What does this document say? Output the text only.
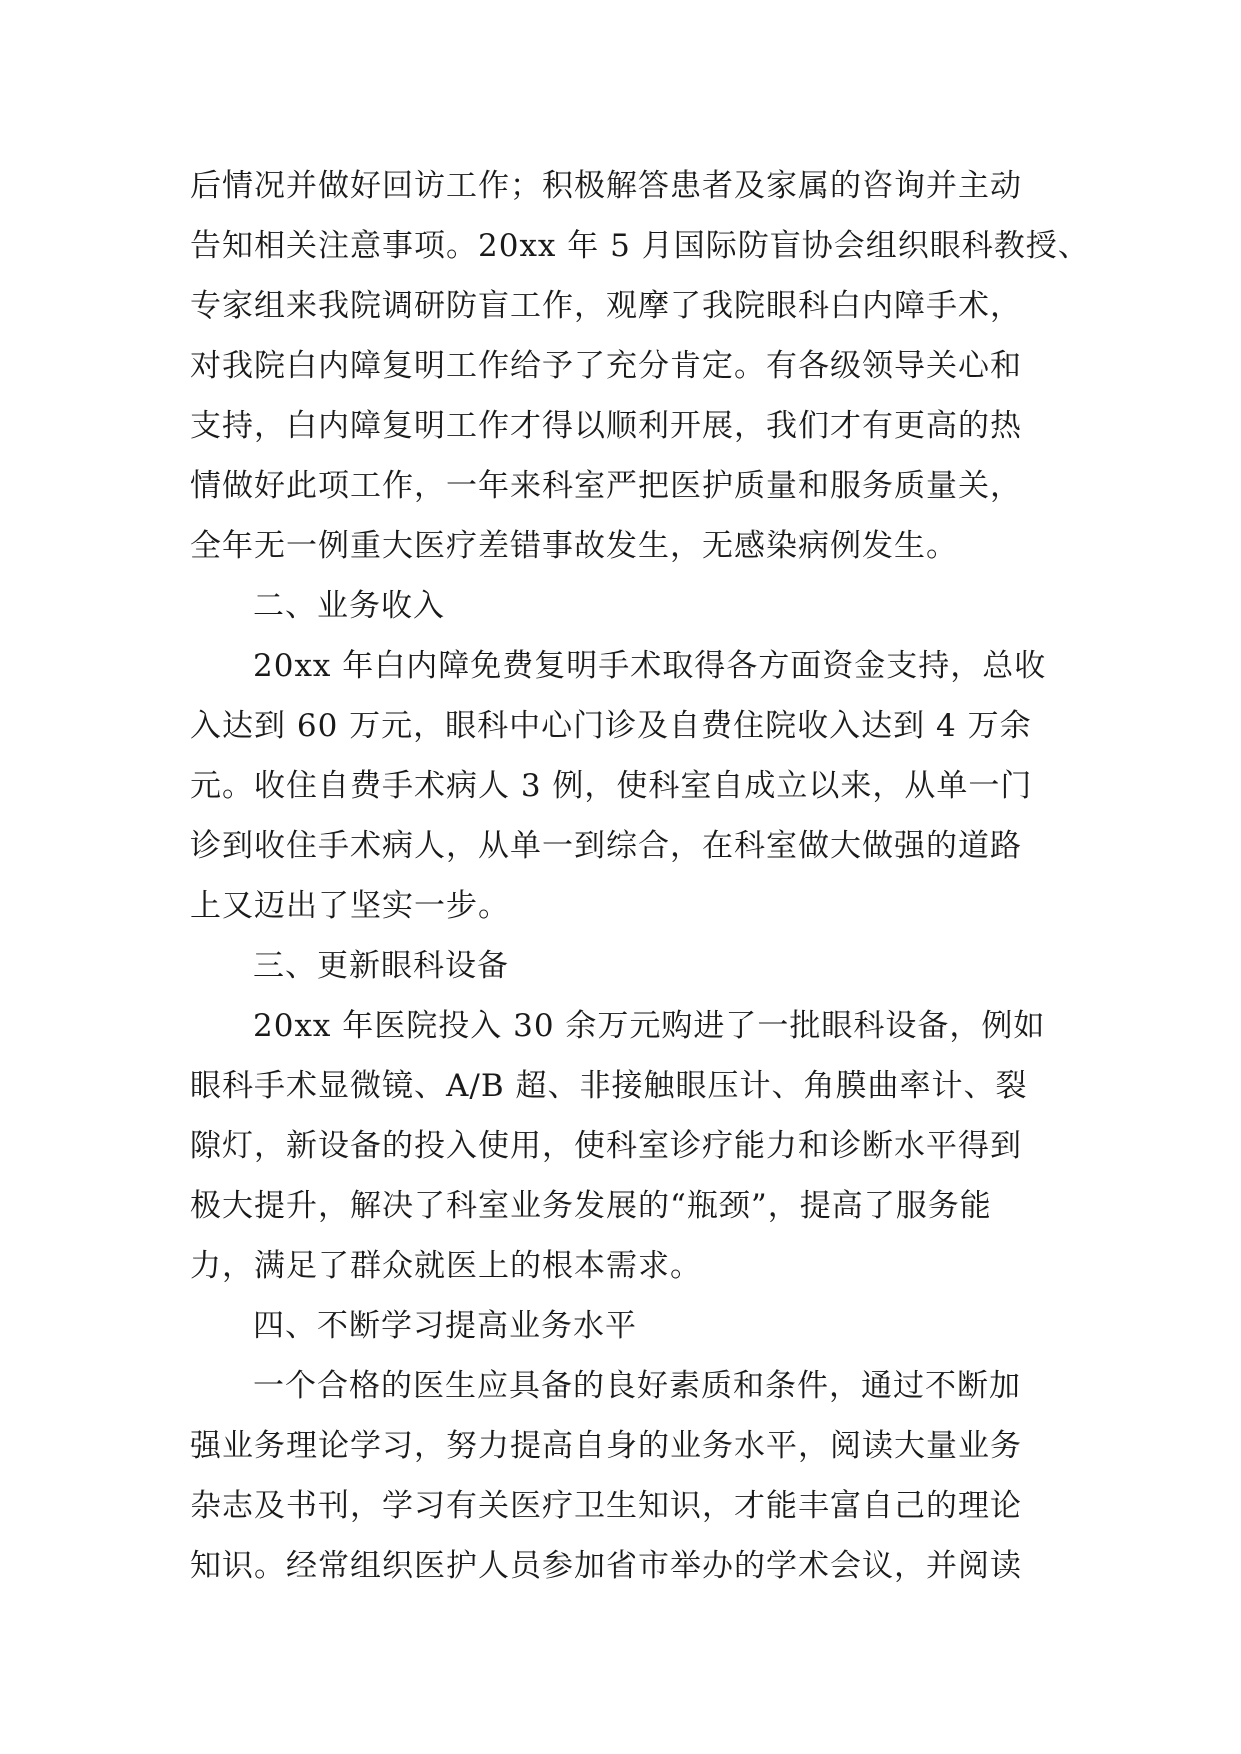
后情况并做好回访工作；积极解答患者及家属的咨询并主动
告知相关注意事项。20xx 年 5 月国际防盲协会组织眼科教授、
专家组来我院调研防盲工作，观摩了我院眼科白内障手术，
对我院白内障复明工作给予了充分肯定。有各级领导关心和
支持，白内障复明工作才得以顺利开展，我们才有更高的热
情做好此项工作，一年来科室严把医护质量和服务质量关，
全年无一例重大医疗差错事故发生，无感染病例发生。
二、业务收入
20xx 年白内障免费复明手术取得各方面资金支持，总收
入达到 60 万元，眼科中心门诊及自费住院收入达到 4 万余
元。收住自费手术病人 3 例，使科室自成立以来，从单一门
诊到收住手术病人，从单一到综合，在科室做大做强的道路
上又迈出了坚实一步。
三、更新眼科设备
20xx 年医院投入 30 余万元购进了一批眼科设备，例如
眼科手术显微镜、A/B 超、非接触眼压计、角膜曲率计、裂
隙灯，新设备的投入使用，使科室诊疗能力和诊断水平得到
极大提升，解决了科室业务发展的“瓶颈”，提高了服务能
力，满足了群众就医上的根本需求。
四、不断学习提高业务水平
一个合格的医生应具备的良好素质和条件，通过不断加
强业务理论学习，努力提高自身的业务水平，阅读大量业务
杂志及书刊，学习有关医疗卫生知识，才能丰富自己的理论
知识。经常组织医护人员参加省市举办的学术会议，并阅读
